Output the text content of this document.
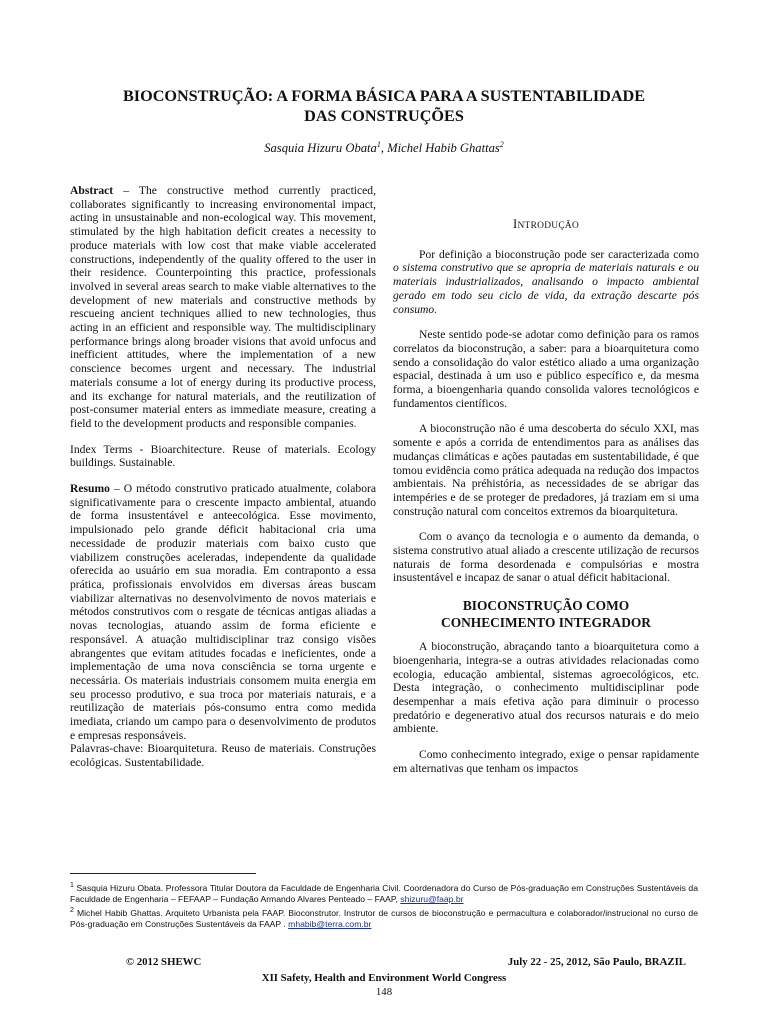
BIOCONSTRUÇÃO: A FORMA BÁSICA PARA A SUSTENTABILIDADE
DAS CONSTRUÇÕES
Sasquia Hizuru Obata$^1$, Michel Habib Ghattas$^2$

Abstract – The constructive method currently practiced, collaborates significantly to increasing environomental impact, acting in unsustainable and non-ecological way. This movement, stimulated by the high habitation deficit creates a necessity to produce materials with low cost that make viable accelerated constructions, independently of the quality offered to the user in their residence. Counterpointing this practice, professionals involved in several areas search to make viable alternatives to the development of new materials and constructive methods by rescueing ancient techniques allied to new technologies, thus acting in an efficient and responsible way. The multidisciplinary performance brings along broader visions that avoid unfocus and inefficient attitudes, where the implementation of a new conscience becomes urgent and necessary. The industrial materials consume a lot of energy during its productive process, and its exchange for natural materials, and the reutilization of post-consumer material enters as immediate measure, creating a field to the development products and responsible companies.

Index Terms - Bioarchitecture. Reuse of materials. Ecology buildings. Sustainable.

Resumo – O método construtivo praticado atualmente, colabora significativamente para o crescente impacto ambiental, atuando de forma insustentável e anteecológica. Esse movimento, impulsionado pelo grande déficit habitacional cria uma necessidade de produzir materiais com baixo custo que viabilizem construções aceleradas, independente da qualidade oferecida ao usuário em sua moradia. Em contraponto a essa prática, profissionais envolvidos em diversas áreas buscam viabilizar alternativas no desenvolvimento de novos materiais e métodos construtivos com o resgate de técnicas antigas aliadas a novas tecnologias, atuando assim de forma eficiente e responsável. A atuação multidisciplinar traz consigo visões abrangentes que evitam atitudes focadas e ineficientes, onde a implementação de uma nova consciência se torna urgente e necessária. Os materiais industriais consomem muita energia em seu processo produtivo, e sua troca por materiais naturais, e a reutilização de materiais pós-consumo entra como medida imediata, criando um campo para o desenvolvimento de produtos e empresas responsáveis.

Palavras-chave: Bioarquitetura. Reuso de materiais. Construções ecológicas. Sustentabilidade.

INTRODUÇÃO

Por definição a bioconstrução pode ser caracterizada como o sistema construtivo que se apropria de materiais naturais e ou materiais industrializados, analisando o impacto ambiental gerado em todo seu ciclo de vida, da extração descarte pós consumo.

Neste sentido pode-se adotar como definição para os ramos correlatos da bioconstrução, a saber: para a bioarquitetura como sendo a consolidação do valor estético aliado a uma organização espacial, destinada à um uso e público específico e, da mesma forma, a bioengenharia quando consolida valores tecnológicos e fundamentos científicos.

A bioconstrução não é uma descoberta do século XXI, mas somente e após a corrida de entendimentos para as análises das mudanças climáticas e ações pautadas em sustentabilidade, é que tomou evidência como prática adequada na redução dos impactos ambientais. Na préhistória, as necessidades de se abrigar das intempéries e de se proteger de predadores, já traziam em si uma construção natural com conceitos extremos da bioarquitetura.

Com o avanço da tecnologia e o aumento da demanda, o sistema construtivo atual aliado a crescente utilização de recursos naturais de forma desordenada e compulsórias e mostra insustentável e incapaz de sanar o atual déficit habitacional.

BIOCONSTRUÇÃO COMO
CONHECIMENTO INTEGRADOR

A bioconstrução, abraçando tanto a bioarquitetura como a bioengenharia, integra-se a outras atividades relacionadas como ecologia, educação ambiental, sistemas agroecológicos, etc. Desta integração, o conhecimento multidisciplinar pode desempenhar a mais efetiva ação para diminuir o processo predatório e degenerativo atual dos recursos naturais e do meio ambiente.

Como conhecimento integrado, exige o pensar rapidamente em alternativas que tenham os impactos

$^1$ Sasquia Hizuru Obata. Professora Titular Doutora da Faculdade de Engenharia Civil. Coordenadora do Curso de Pós-graduação em Construções Sustentáveis da Faculdade de Engenharia – FEFAAP – Fundação Armando Alvares Penteado – FAAP, shizuru@faap.br

$^2$ Michel Habib Ghattas. Arquiteto Urbanista pela FAAP. Bioconstrutor. Instrutor de cursos de bioconstrução e permacultura e colaborador/instrucional no curso de Pós-graduação em Construções Sustentáveis da FAAP . mhabib@terra.com.br

© 2012 SHEWC	July 22 - 25, 2012, São Paulo, BRAZIL
XII Safety, Health and Environment World Congress
148
